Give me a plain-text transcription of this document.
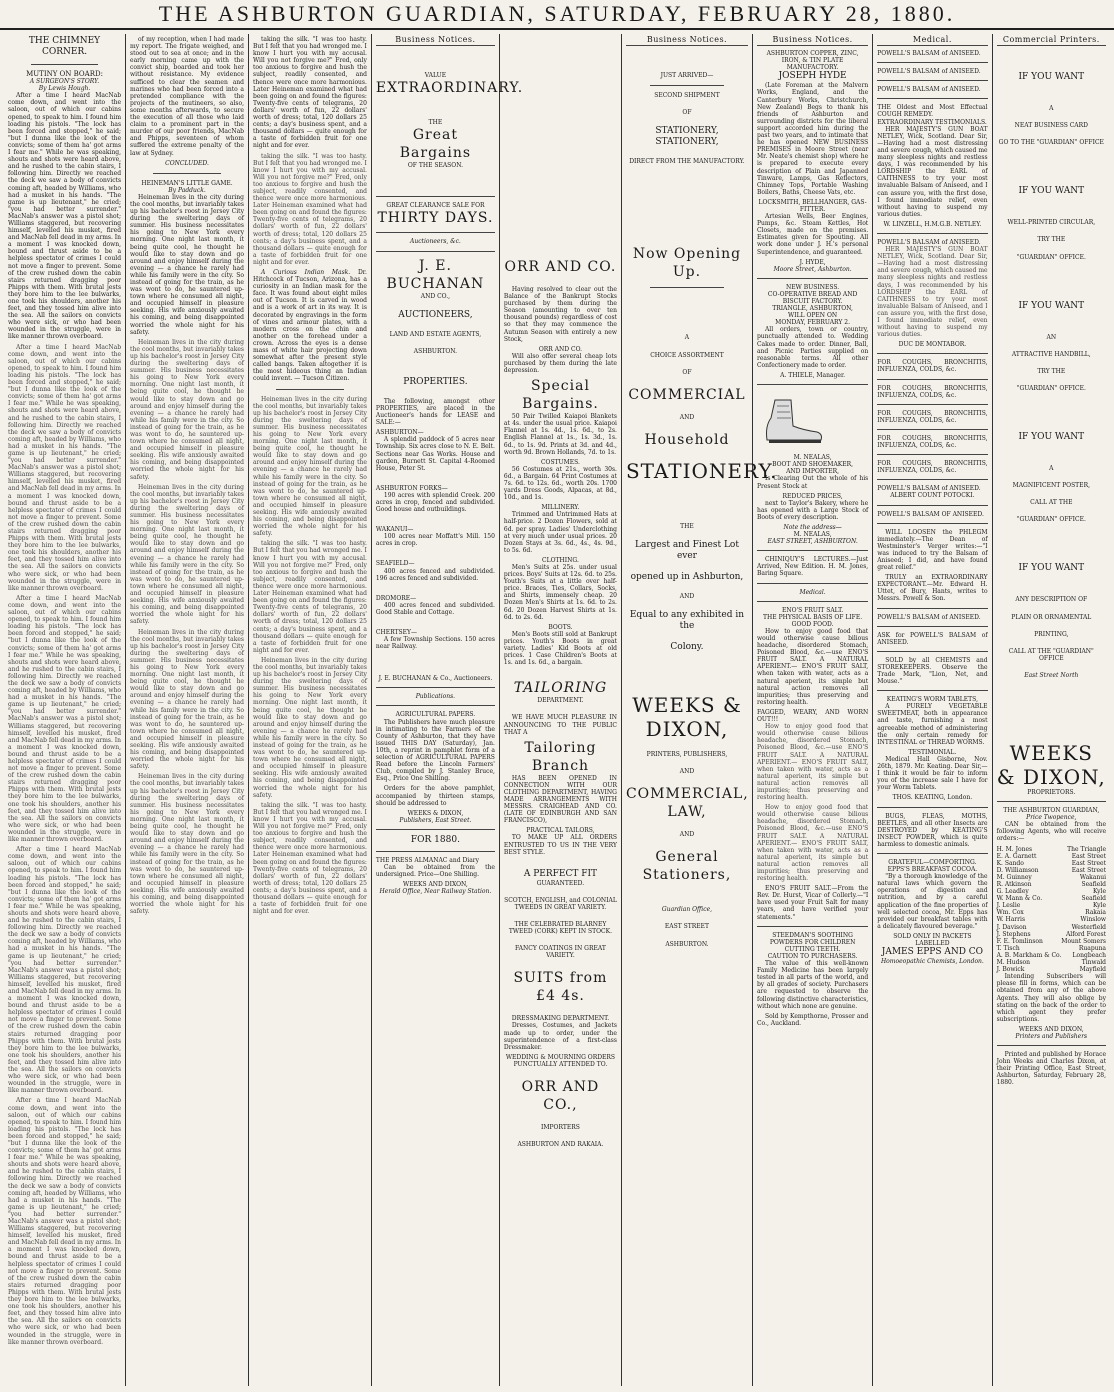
THE ASHBURTON GUARDIAN, SATURDAY, FEBRUARY 28, 1880.
THE CHIMNEY CORNER.
MUTINY ON BOARD:
A SURGEON'S STORY.
By Lewis Hough.

After a time I heard MacNab come down, and went into the saloon, out of which our cabins opened, to speak to him. I found him loading his pistols. "The lock has been forced and stopped," he said; "but I dunna like the look of the convicts; some of them ha' got arms I fear me." While he was speaking, shouts and shots were heard above, and he rushed to the cabin stairs, I following him. Directly we reached the deck we saw a body of convicts coming aft, headed by Williams, who had a musket in his hands. "The game is up lieutenant," he cried; "you had better surrender." MacNab's answer was a pistol shot; Williams staggered, but recovering himself, levelled his musket, fired and MacNab fell dead in my arms. In a moment I was knocked down, bound and thrust aside to be a helpless spectator of crimes I could not move a finger to prevent. Some of the crew rushed down the cabin stairs returned dragging poor Phipps with them. With brutal jests they bore him to the lee bulwarks, one took his shoulders, another his feet, and they tossed him alive into the sea. All the sailors on convicts who were sick, or who had been wounded in the struggle, were in like manner thrown overboard.

After a time I heard MacNab come down, and went into the saloon, out of which our cabins opened, to speak to him. I found him loading his pistols. "The lock has been forced and stopped," he said; "but I dunna like the look of the convicts; some of them ha' got arms I fear me." While he was speaking, shouts and shots were heard above, and he rushed to the cabin stairs, I following him. Directly we reached the deck we saw a body of convicts coming aft, headed by Williams, who had a musket in his hands. "The game is up lieutenant," he cried; "you had better surrender." MacNab's answer was a pistol shot; Williams staggered, but recovering himself, levelled his musket, fired and MacNab fell dead in my arms. In a moment I was knocked down, bound and thrust aside to be a helpless spectator of crimes I could not move a finger to prevent. Some of the crew rushed down the cabin stairs returned dragging poor Phipps with them. With brutal jests they bore him to the lee bulwarks, one took his shoulders, another his feet, and they tossed him alive into the sea. All the sailors on convicts who were sick, or who had been wounded in the struggle, were in like manner thrown overboard.

After a time I heard MacNab come down, and went into the saloon, out of which our cabins opened, to speak to him. I found him loading his pistols. "The lock has been forced and stopped," he said; "but I dunna like the look of the convicts; some of them ha' got arms I fear me." While he was speaking, shouts and shots were heard above, and he rushed to the cabin stairs, I following him. Directly we reached the deck we saw a body of convicts coming aft, headed by Williams, who had a musket in his hands. "The game is up lieutenant," he cried; "you had better surrender." MacNab's answer was a pistol shot; Williams staggered, but recovering himself, levelled his musket, fired and MacNab fell dead in my arms. In a moment I was knocked down, bound and thrust aside to be a helpless spectator of crimes I could not move a finger to prevent. Some of the crew rushed down the cabin stairs returned dragging poor Phipps with them. With brutal jests they bore him to the lee bulwarks, one took his shoulders, another his feet, and they tossed him alive into the sea. All the sailors on convicts who were sick, or who had been wounded in the struggle, were in like manner thrown overboard.

After a time I heard MacNab come down, and went into the saloon, out of which our cabins opened, to speak to him. I found him loading his pistols. "The lock has been forced and stopped," he said; "but I dunna like the look of the convicts; some of them ha' got arms I fear me." While he was speaking, shouts and shots were heard above, and he rushed to the cabin stairs, I following him. Directly we reached the deck we saw a body of convicts coming aft, headed by Williams, who had a musket in his hands. "The game is up lieutenant," he cried; "you had better surrender." MacNab's answer was a pistol shot; Williams staggered, but recovering himself, levelled his musket, fired and MacNab fell dead in my arms. In a moment I was knocked down, bound and thrust aside to be a helpless spectator of crimes I could not move a finger to prevent. Some of the crew rushed down the cabin stairs returned dragging poor Phipps with them. With brutal jests they bore him to the lee bulwarks, one took his shoulders, another his feet, and they tossed him alive into the sea. All the sailors on convicts who were sick, or who had been wounded in the struggle, were in like manner thrown overboard.

After a time I heard MacNab come down, and went into the saloon, out of which our cabins opened, to speak to him. I found him loading his pistols. "The lock has been forced and stopped," he said; "but I dunna like the look of the convicts; some of them ha' got arms I fear me." While he was speaking, shouts and shots were heard above, and he rushed to the cabin stairs, I following him. Directly we reached the deck we saw a body of convicts coming aft, headed by Williams, who had a musket in his hands. "The game is up lieutenant," he cried; "you had better surrender." MacNab's answer was a pistol shot; Williams staggered, but recovering himself, levelled his musket, fired and MacNab fell dead in my arms. In a moment I was knocked down, bound and thrust aside to be a helpless spectator of crimes I could not move a finger to prevent. Some of the crew rushed down the cabin stairs returned dragging poor Phipps with them. With brutal jests they bore him to the lee bulwarks, one took his shoulders, another his feet, and they tossed him alive into the sea. All the sailors on convicts who were sick, or who had been wounded in the struggle, were in like manner thrown overboard.

of my reception, when I had made my report. The frigate weighed, and stood out to sea at once; and in the early morning came up with the convict ship, boarded and took her without resistance. My evidence sufficed to clear the seamen and marines who had been forced into a pretended compliance with the projects of the mutineers, so also, some months afterwards, to secure the execution of all those who laid claim to a prominent part in the murder of our poor friends, MacNab and Phipps, seventeen of whom suffered the extreme penalty of the law at Sydney.

CONCLUDED.
HEINEMAN'S LITTLE GAME.
By Padduck.

Heineman lives in the city during the cool months, but invariably takes up his bachelor's roost in Jersey City during the sweltering days of summer. His business necessitates his going to New York every morning. One night last month, it being quite cool, he thought he would like to stay down and go around and enjoy himself during the evening — a chance he rarely had while his family were in the city. So instead of going for the train, as he was wont to do, he sauntered up-town where he consumed all night, and occupied himself in pleasure seeking. His wife anxiously awaited his coming, and being disappointed worried the whole night for his safety.

Heineman lives in the city during the cool months, but invariably takes up his bachelor's roost in Jersey City during the sweltering days of summer. His business necessitates his going to New York every morning. One night last month, it being quite cool, he thought he would like to stay down and go around and enjoy himself during the evening — a chance he rarely had while his family were in the city. So instead of going for the train, as he was wont to do, he sauntered up-town where he consumed all night, and occupied himself in pleasure seeking. His wife anxiously awaited his coming, and being disappointed worried the whole night for his safety.

Heineman lives in the city during the cool months, but invariably takes up his bachelor's roost in Jersey City during the sweltering days of summer. His business necessitates his going to New York every morning. One night last month, it being quite cool, he thought he would like to stay down and go around and enjoy himself during the evening — a chance he rarely had while his family were in the city. So instead of going for the train, as he was wont to do, he sauntered up-town where he consumed all night, and occupied himself in pleasure seeking. His wife anxiously awaited his coming, and being disappointed worried the whole night for his safety.

Heineman lives in the city during the cool months, but invariably takes up his bachelor's roost in Jersey City during the sweltering days of summer. His business necessitates his going to New York every morning. One night last month, it being quite cool, he thought he would like to stay down and go around and enjoy himself during the evening — a chance he rarely had while his family were in the city. So instead of going for the train, as he was wont to do, he sauntered up-town where he consumed all night, and occupied himself in pleasure seeking. His wife anxiously awaited his coming, and being disappointed worried the whole night for his safety.

Heineman lives in the city during the cool months, but invariably takes up his bachelor's roost in Jersey City during the sweltering days of summer. His business necessitates his going to New York every morning. One night last month, it being quite cool, he thought he would like to stay down and go around and enjoy himself during the evening — a chance he rarely had while his family were in the city. So instead of going for the train, as he was wont to do, he sauntered up-town where he consumed all night, and occupied himself in pleasure seeking. His wife anxiously awaited his coming, and being disappointed worried the whole night for his safety.

taking the silk. "I was too hasty. But I felt that you had wronged me. I know I hurt you with my accusal. Will you not forgive me?" Fred, only too anxious to forgive and hush the subject, readily consented, and thence were once more harmonious. Later Heineman examined what had been going on and found the figures: Twenty-five cents of telegrams, 20 dollars' worth of fun, 22 dollars' worth of dress; total, 120 dollars 25 cents; a day's business spent, and a thousand dollars — quite enough for a taste of forbidden fruit for one night and for ever.

taking the silk. "I was too hasty. But I felt that you had wronged me. I know I hurt you with my accusal. Will you not forgive me?" Fred, only too anxious to forgive and hush the subject, readily consented, and thence were once more harmonious. Later Heineman examined what had been going on and found the figures: Twenty-five cents of telegrams, 20 dollars' worth of fun, 22 dollars' worth of dress; total, 120 dollars 25 cents; a day's business spent, and a thousand dollars — quite enough for a taste of forbidden fruit for one night and for ever.

A Curious Indian Mask. Dr. Hitchcock of Tucson, Arizona, has a curiosity in an Indian mask for the face. It was found about eight miles out of Tucson. It is carved in wood and is a work of art in its way. It is decorated by engravings in the form of vines and armour plates, with a modern cross on the chin and another on the forehead under a crown. Across the eyes is a dense mass of white hair projecting down somewhat after the present style called bangs. Taken altogether it is the most hideous thing an Indian could invent. — Tucson Citizen.

Heineman lives in the city during the cool months, but invariably takes up his bachelor's roost in Jersey City during the sweltering days of summer. His business necessitates his going to New York every morning. One night last month, it being quite cool, he thought he would like to stay down and go around and enjoy himself during the evening — a chance he rarely had while his family were in the city. So instead of going for the train, as he was wont to do, he sauntered up-town where he consumed all night, and occupied himself in pleasure seeking. His wife anxiously awaited his coming, and being disappointed worried the whole night for his safety.

taking the silk. "I was too hasty. But I felt that you had wronged me. I know I hurt you with my accusal. Will you not forgive me?" Fred, only too anxious to forgive and hush the subject, readily consented, and thence were once more harmonious. Later Heineman examined what had been going on and found the figures: Twenty-five cents of telegrams, 20 dollars' worth of fun, 22 dollars' worth of dress; total, 120 dollars 25 cents; a day's business spent, and a thousand dollars — quite enough for a taste of forbidden fruit for one night and for ever.

Heineman lives in the city during the cool months, but invariably takes up his bachelor's roost in Jersey City during the sweltering days of summer. His business necessitates his going to New York every morning. One night last month, it being quite cool, he thought he would like to stay down and go around and enjoy himself during the evening — a chance he rarely had while his family were in the city. So instead of going for the train, as he was wont to do, he sauntered up-town where he consumed all night, and occupied himself in pleasure seeking. His wife anxiously awaited his coming, and being disappointed worried the whole night for his safety.

taking the silk. "I was too hasty. But I felt that you had wronged me. I know I hurt you with my accusal. Will you not forgive me?" Fred, only too anxious to forgive and hush the subject, readily consented, and thence were once more harmonious. Later Heineman examined what had been going on and found the figures: Twenty-five cents of telegrams, 20 dollars' worth of fun, 22 dollars' worth of dress; total, 120 dollars 25 cents; a day's business spent, and a thousand dollars — quite enough for a taste of forbidden fruit for one night and for ever.

Business Notices.
VALUE
EXTRAORDINARY.
THE
Great Bargains
OF THE SEASON.
GREAT CLEARANCE SALE FOR
THIRTY DAYS.
Auctioneers, &c.
J. E. BUCHANAN
AND CO.,
AUCTIONEERS,
LAND AND ESTATE AGENTS,
ASHBURTON.
PROPERTIES.

The following, amongst other PROPERTIES, are placed in the Auctioneer's hands for LEASE and SALE:—

ASHBURTON—

A splendid paddock of 5 acres near Township. Six acres close to N. E. Belt. Sections near Gas Works. House and garden, Burnett St. Capital 4-Roomed House, Peter St.

ASHBURTON FORKS—

190 acres with splendid Creek. 200 acres in crop, fenced and subdivided. Good house and outbuildings.

WAKANUI—

100 acres near Moffatt's Mill. 150 acres in crop.

SEAFIELD—

400 acres fenced and subdivided. 196 acres fenced and subdivided.

DROMORE—

400 acres fenced and subdivided. Good Stable and Cottage.

CHERTSEY—

A few Township Sections. 150 acres near Railway.

J. E. BUCHANAN & Co., Auctioneers.
Publications.
AGRICULTURAL PAPERS.

The Publishers have much pleasure in intimating to the Farmers of the County of Ashburton, that they have issued THIS DAY (Saturday), Jan. 10th, a reprint in pamphlet form of a selection of AGRICULTURAL PAPERS Read before the Lincoln Farmers' Club, compiled by J. Stanley Bruce, Esq., Price One Shilling.

Orders for the above pamphlet, accompanied by thirteen stamps, should be addressed to

WEEKS & DIXON,
Publishers, East Street.
FOR 1880.
THE PRESS ALMANAC and Diary

Can be obtained from the undersigned. Price—One Shilling.

WEEKS AND DIXON,
Herald Office, Near Railway Station.
ORR AND CO.

Having resolved to clear out the Balance of the Bankrupt Stocks purchased by them during the Season (amounting to over ten thousand pounds) regardless of cost so that they may commence the Autumn Season with entirely a new Stock,

ORR AND CO.

Will also offer several cheap lots purchased by them during the late depression.

Special Bargains.

50 Pair Twilled Kaiapoi Blankets at 4s. under the usual price. Kaiapoi Flannel at 1s. 4d., 1s. 6d., to 2s. English Flannel at 1s., 1s. 3d., 1s. 6d., to 1s. 9d. Prints at 3d. and 4d., worth 9d. Brown Hollands, 7d. to 1s.

COSTUMES.

56 Costumes at 21s., worth 30s. 6d., a Bargain. 64 Print Costumes at 7s. 6d. to 12s. 6d., worth 20s. 1700 yards Dress Goods, Alpacas, at 8d., 10d., and 1s.

MILLINERY.

Trimmed and Untrimmed Hats at half-price. 2 Dozen Flowers, sold at 6d. per spray. Ladies' Underclothing at very much under usual prices. 20 Dozen Stays at 3s. 6d., 4s., 4s. 9d., to 5s. 6d.

CLOTHING.

Men's Suits at 25s. under usual prices. Boys' Suits at 12s. 6d. to 25s. Youth's Suits at a little over half-price. Braces, Ties, Collars, Socks, and Shirts, immensely cheap. 20 Dozen Men's Shirts at 1s. 6d. to 2s. 6d. 20 Dozen Harvest Shirts at 1s. 6d. to 2s. 6d.

BOOTS.

Men's Boots still sold at Bankrupt prices. Youth's Boots in great variety. Ladies' Kid Boots at old prices. 1 Case Children's Boots at 1s. and 1s. 6d., a bargain.

TAILORING
DEPARTMENT.

WE HAVE MUCH PLEASURE IN ANNOUNCING TO THE PUBLIC THAT A

Tailoring Branch

HAS BEEN OPENED IN CONNECTION WITH OUR CLOTHING DEPARTMENT, HAVING MADE ARRANGEMENTS WITH MESSRS. CRAIGHEAD AND CO. (LATE OF EDINBURGH AND SAN FRANCISCO),

PRACTICAL TAILORS,

TO MAKE UP ALL ORDERS ENTRUSTED TO US IN THE VERY BEST STYLE.

A PERFECT FIT
GUARANTEED.
SCOTCH, ENGLISH, and COLONIAL TWEEDS IN GREAT VARIETY.
THE CELEBRATED BLARNEY TWEED (CORK) KEPT IN STOCK.
FANCY COATINGS IN GREAT VARIETY.
SUITS from £4 4s.
DRESSMAKING DEPARTMENT.

Dresses, Costumes, and Jackets made up to order, under the superintendence of a first-class Dressmaker.

WEDDING & MOURNING ORDERS PUNCTUALLY ATTENDED TO.
ORR AND CO.,
IMPORTERS
ASHBURTON AND RAKAIA.
Business Notices.
JUST ARRIVED—
SECOND SHIPMENT
OF
STATIONERY, STATIONERY,
DIRECT FROM THE MANUFACTORY.
Now Opening Up.
A
CHOICE ASSORTMENT
OF
COMMERCIAL
AND
Household
STATIONERY.
THE
Largest and Finest Lot ever
opened up in Ashburton,
AND
Equal to any exhibited in the
Colony.
WEEKS & DIXON,
PRINTERS, PUBLISHERS,
AND
COMMERCIAL, LAW,
AND
General Stationers,
Guardian Office,
EAST STREET
ASHBURTON.
Business Notices.
ASHBURTON COPPER, ZINC, IRON, & TIN PLATE MANUFACTORY.
JOSEPH HYDE

(Late Foreman at the Malvern Works, England, and the Canterbury Works, Christchurch, New Zealand) Begs to thank his friends of Ashburton and surrounding districts for the liberal support accorded him during the past two years, and to intimate that he has opened NEW BUSINESS PREMISES in Moore Street (near Mr. Neate's chemist shop) where he is prepared to execute every description of Plain and Japanned Tinware, Lamps, Gas Reflectors, Chimney Tops, Portable Washing Boilers, Baths, Cheese Vats, etc.

LOCKSMITH, BELLHANGER, GAS-FITTER.

Artesian Wells, Beer Engines, Pumps, &c. Steam Kettles, Hot Closets, made on the premises. Estimates given for Spouting. All work done under J. H.'s personal Superintendence, and guaranteed.

J. HYDE,
Moore Street, Ashburton.
NEW BUSINESS.
CO-OPERATIVE BREAD AND BISCUIT FACTORY.
TRIANGLE, ASHBURTON,
WILL OPEN ON
MONDAY, FEBRUARY 2.

All orders, town or country, punctually attended to. Wedding Cakes made to order. Dinner, Ball, and Picnic Parties supplied on reasonable terms. All other Confectionery made to order.

A. THIELE, Manager.
M. NEALAS,
BOOT AND SHOEMAKER,
AND IMPORTER,

Is Clearing Out the whole of his Present Stock at

REDUCED PRICES,

next to Taylor's Bakery, where he has opened with a Large Stock of Boots of every description.

Note the address—
M. NEALAS,
EAST STREET, ASHBURTON.

CHINIQUY'S LECTURES.—Just Arrived, New Edition. H. M. Jones, Baring Square.

Medical.
ENO'S FRUIT SALT.
THE PHYSICAL BASIS OF LIFE.
GOOD FOOD.

How to enjoy good food that would otherwise cause bilious headache, disordered Stomach, Poisoned Blood, &c.—use ENO'S FRUIT SALT. A NATURAL APERIENT.— ENO'S FRUIT SALT, when taken with water, acts as a natural aperient, its simple but natural action removes all impurities; thus preserving and restoring health.

FAGGED, WEARY, AND WORN OUT!!!

How to enjoy good food that would otherwise cause bilious headache, disordered Stomach, Poisoned Blood, &c.—use ENO'S FRUIT SALT. A NATURAL APERIENT.— ENO'S FRUIT SALT, when taken with water, acts as a natural aperient, its simple but natural action removes all impurities; thus preserving and restoring health.

How to enjoy good food that would otherwise cause bilious headache, disordered Stomach, Poisoned Blood, &c.—use ENO'S FRUIT SALT. A NATURAL APERIENT.— ENO'S FRUIT SALT, when taken with water, acts as a natural aperient, its simple but natural action removes all impurities; thus preserving and restoring health.

ENO'S FRUIT SALT.—From the Rev. Dr. Hurst, Vicar of Collerly.—"I have used your Fruit Salt for many years, and have verified your statements."

STEEDMAN'S SOOTHING POWDERS FOR CHILDREN CUTTING TEETH.
CAUTION TO PURCHASERS.

The value of this well-known Family Medicine has been largely tested in all parts of the world, and by all grades of society. Purchasers are requested to observe the following distinctive characteristics, without which none are genuine.

Sold by Kempthorne, Prosser and Co., Auckland.

Medical.
POWELL'S BALSAM of ANISEED.
POWELL'S BALSAM of ANISEED.
POWELL'S BALSAM of ANISEED.
THE Oldest and Most Effectual COUGH REMEDY.
EXTRAORDINARY TESTIMONIALS.

HER MAJESTY'S GUN BOAT NETLEY, Wick, Scotland. Dear Sir,—Having had a most distressing and severe cough, which caused me many sleepless nights and restless days, I was recommended by his LORDSHIP the EARL of CAITHNESS to try your most invaluable Balsam of Aniseed, and I can assure you, with the first dose, I found immediate relief, even without having to suspend my various duties.

W. LINZELL, H.M.G.B. NETLEY.
POWELL'S BALSAM of ANISEED.

HER MAJESTY'S GUN BOAT NETLEY, Wick, Scotland. Dear Sir,—Having had a most distressing and severe cough, which caused me many sleepless nights and restless days, I was recommended by his LORDSHIP the EARL of CAITHNESS to try your most invaluable Balsam of Aniseed, and I can assure you, with the first dose, I found immediate relief, even without having to suspend my various duties.

DUC DE MONTABOR.
FOR COUGHS, BRONCHITIS, INFLUENZA, COLDS, &c.
FOR COUGHS, BRONCHITIS, INFLUENZA, COLDS, &c.
FOR COUGHS, BRONCHITIS, INFLUENZA, COLDS, &c.
FOR COUGHS, BRONCHITIS, INFLUENZA, COLDS, &c.
FOR COUGHS, BRONCHITIS, INFLUENZA, COLDS, &c.
POWELL'S BALSAM of ANISEED.
ALBERT COUNT POTOCKI.
POWELL'S BALSAM OF ANISEED.

WILL LOOSEN the PHLEGM immediately.—The Dean of Westminster's Verger writes:—"I was induced to try the Balsam of Aniseed; I did, and have found great relief."

TRULY an EXTRAORDINARY EXPECTORANT.—Mr. Edward H. Uttet, of Bury, Hants, writes to Messrs. Powell & Son.

POWELL'S BALSAM of ANISEED.
ASK for POWELL'S BALSAM of ANISEED.

SOLD by all CHEMISTS and STOREKEEPERS. Observe the Trade Mark, "Lion, Net, and Mouse."

KEATING'S WORM TABLETS,

A PURELY VEGETABLE SWEETMEAT, both in appearance and taste, furnishing a most agreeable method of administering the only certain remedy for INTESTINAL or THREAD WORMS.

TESTIMONIAL.

Medical Hall Gisborne, Nov. 26th, 1879. Mr. Keating. Dear Sir,—I think it would be fair to inform you of the increase sale I have for your Worm Tablets.

THOS. KEATING, London.

BUGS, FLEAS, MOTHS, BEETLES, and all other Insects are DESTROYED by KEATING'S INSECT POWDER, which is quite harmless to domestic animals.

GRATEFUL—COMFORTING.
EPPS'S BREAKFAST COCOA.

"By a thorough knowledge of the natural laws which govern the operations of digestion and nutrition, and by a careful application of the fine properties of well selected cocoa, Mr. Epps has provided our breakfast tables with a delicately flavoured beverage."

SOLD ONLY IN PACKETS LABELLED
JAMES EPPS AND CO
Homoeopathic Chemists, London.
Commercial Printers.
IF YOU WANT
A
NEAT BUSINESS CARD
GO TO THE "GUARDIAN" OFFICE
IF YOU WANT
WELL-PRINTED CIRCULAR,
TRY THE
"GUARDIAN" OFFICE.
IF YOU WANT
AN
ATTRACTIVE HANDBILL,
TRY THE
"GUARDIAN" OFFICE.
IF YOU WANT
A
MAGNIFICENT POSTER,
CALL AT THE
"GUARDIAN" OFFICE.
IF YOU WANT
ANY DESCRIPTION OF
PLAIN OR ORNAMENTAL
PRINTING,
CALL AT THE "GUARDIAN" OFFICE
East Street North
WEEKS & DIXON,
PROPRIETORS.
THE ASHBURTON GUARDIAN,
Price Twopence,

CAN be obtained from the following Agents, who will receive orders:—

H. M. Jones	The Triangle
E. A. Garnett	East Street
K. Sando	East Street
D. Williamson	East Street
M. Guinney	Wakanui
R. Atkinson	Seafield
G. Leadley	Kyle
W. Mann & Co.	Seafield
J. Leslie	Kyle
Wm. Cox	Rakaia
W. Harris	Winslow
J. Davison	Westerfield
J. Stephens	Alford Forest
F. E. Tomlinson	Mount Somers
T. Tisch	Ruapuna
A. B. Markham & Co. Longbeach
M. Hudson	Tinwald
J. Bowick	Mayfield

Intending Subscribers will please fill in forms, which can be obtained from any of the above Agents. They will also oblige by stating on the back of the order to which agent they prefer subscriptions.

WEEKS AND DIXON,
Printers and Publishers

Printed and published by Horace John Weeks and Charles Dixon, at their Printing Office, East Street, Ashburton, Saturday, February 28, 1880.
